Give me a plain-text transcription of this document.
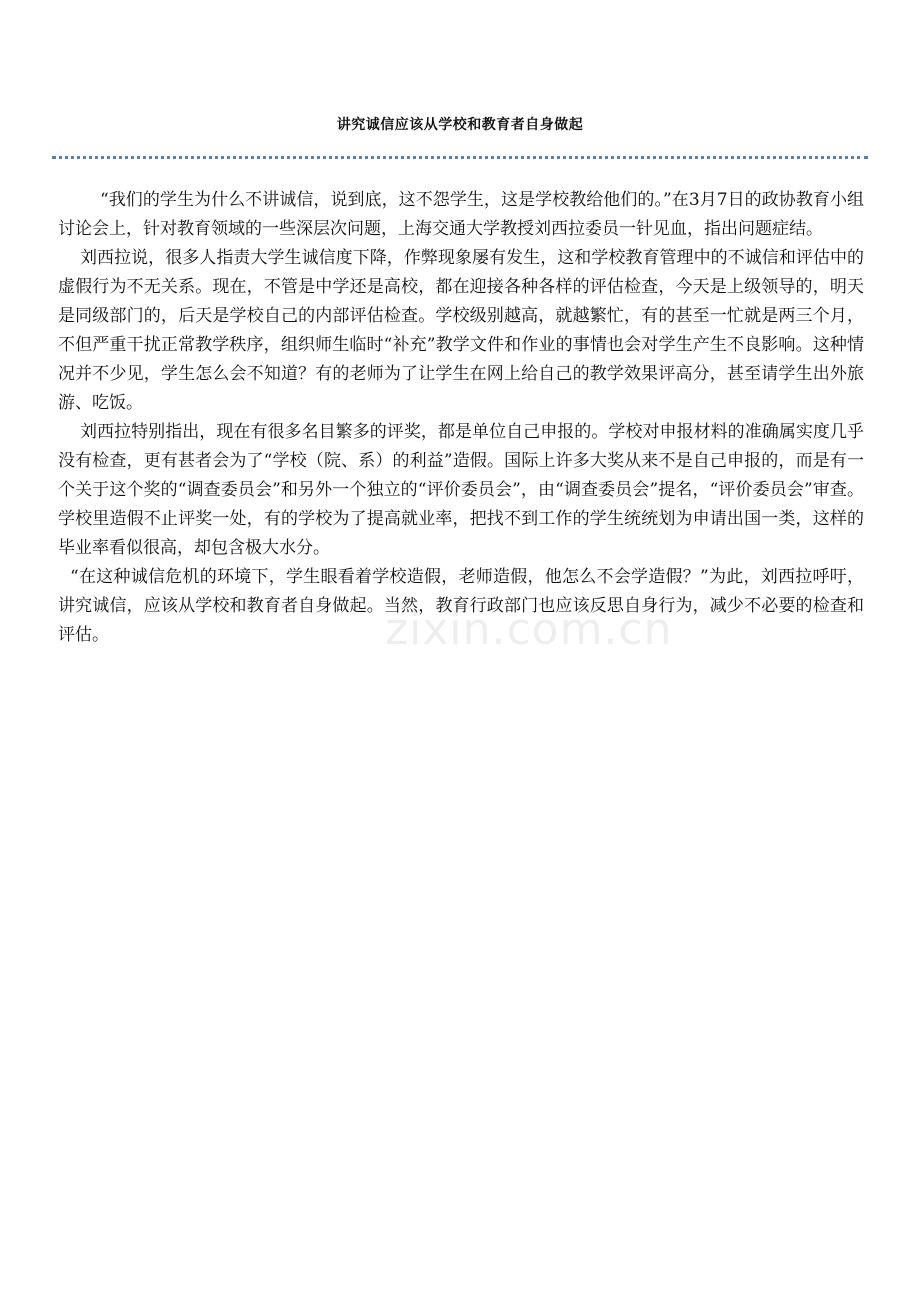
讲究诚信应该从学校和教育者自身做起

“我们的学生为什么不讲诚信，说到底，这不怨学生，这是学校教给他们的。”在3月7日的政协教育小组讨论会上，针对教育领域的一些深层次问题，上海交通大学教授刘西拉委员一针见血，指出问题症结。

刘西拉说，很多人指责大学生诚信度下降，作弊现象屡有发生，这和学校教育管理中的不诚信和评估中的虚假行为不无关系。现在，不管是中学还是高校，都在迎接各种各样的评估检查，今天是上级领导的，明天是同级部门的，后天是学校自己的内部评估检查。学校级别越高，就越繁忙，有的甚至一忙就是两三个月，不但严重干扰正常教学秩序，组织师生临时“补充”教学文件和作业的事情也会对学生产生不良影响。这种情况并不少见，学生怎么会不知道？有的老师为了让学生在网上给自己的教学效果评高分，甚至请学生出外旅游、吃饭。

刘西拉特别指出，现在有很多名目繁多的评奖，都是单位自己申报的。学校对申报材料的准确属实度几乎没有检查，更有甚者会为了“学校（院、系）的利益”造假。国际上许多大奖从来不是自己申报的，而是有一个关于这个奖的“调查委员会”和另外一个独立的“评价委员会”，由“调查委员会”提名，“评价委员会”审查。学校里造假不止评奖一处，有的学校为了提高就业率，把找不到工作的学生统统划为申请出国一类，这样的毕业率看似很高，却包含极大水分。

“在这种诚信危机的环境下，学生眼看着学校造假，老师造假，他怎么不会学造假？”为此，刘西拉呼吁，讲究诚信，应该从学校和教育者自身做起。当然，教育行政部门也应该反思自身行为，减少不必要的检查和评估。	zixin.com.cn
